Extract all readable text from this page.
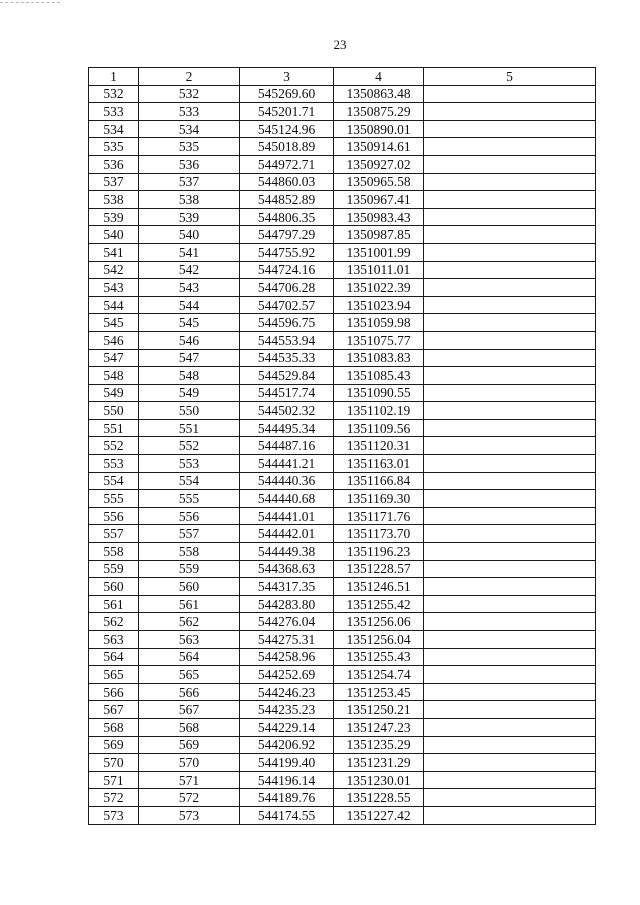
23
1	2	3	4	5
532	532	545269.60	1350863.48	
533	533	545201.71	1350875.29	
534	534	545124.96	1350890.01	
535	535	545018.89	1350914.61	
536	536	544972.71	1350927.02	
537	537	544860.03	1350965.58	
538	538	544852.89	1350967.41	
539	539	544806.35	1350983.43	
540	540	544797.29	1350987.85	
541	541	544755.92	1351001.99	
542	542	544724.16	1351011.01	
543	543	544706.28	1351022.39	
544	544	544702.57	1351023.94	
545	545	544596.75	1351059.98	
546	546	544553.94	1351075.77	
547	547	544535.33	1351083.83	
548	548	544529.84	1351085.43	
549	549	544517.74	1351090.55	
550	550	544502.32	1351102.19	
551	551	544495.34	1351109.56	
552	552	544487.16	1351120.31	
553	553	544441.21	1351163.01	
554	554	544440.36	1351166.84	
555	555	544440.68	1351169.30	
556	556	544441.01	1351171.76	
557	557	544442.01	1351173.70	
558	558	544449.38	1351196.23	
559	559	544368.63	1351228.57	
560	560	544317.35	1351246.51	
561	561	544283.80	1351255.42	
562	562	544276.04	1351256.06	
563	563	544275.31	1351256.04	
564	564	544258.96	1351255.43	
565	565	544252.69	1351254.74	
566	566	544246.23	1351253.45	
567	567	544235.23	1351250.21	
568	568	544229.14	1351247.23	
569	569	544206.92	1351235.29	
570	570	544199.40	1351231.29	
571	571	544196.14	1351230.01	
572	572	544189.76	1351228.55	
573	573	544174.55	1351227.42	
